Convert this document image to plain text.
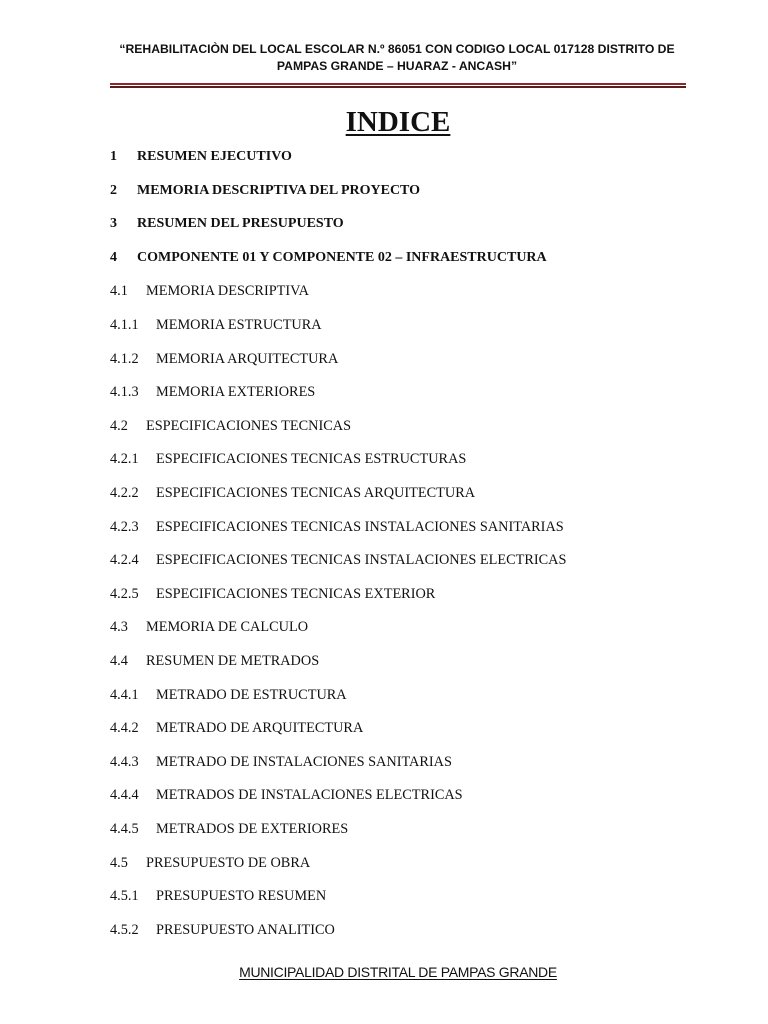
“REHABILITACIÒN DEL LOCAL ESCOLAR N.º 86051 CON CODIGO LOCAL 017128 DISTRITO DE
PAMPAS GRANDE – HUARAZ - ANCASH”
INDICE
1 RESUMEN EJECUTIVO
2 MEMORIA DESCRIPTIVA DEL PROYECTO
3 RESUMEN DEL PRESUPUESTO
4 COMPONENTE 01 Y COMPONENTE 02 – INFRAESTRUCTURA
4.1 MEMORIA DESCRIPTIVA
4.1.1 MEMORIA ESTRUCTURA
4.1.2 MEMORIA ARQUITECTURA
4.1.3 MEMORIA EXTERIORES
4.2 ESPECIFICACIONES TECNICAS
4.2.1 ESPECIFICACIONES TECNICAS ESTRUCTURAS
4.2.2 ESPECIFICACIONES TECNICAS ARQUITECTURA
4.2.3 ESPECIFICACIONES TECNICAS INSTALACIONES SANITARIAS
4.2.4 ESPECIFICACIONES TECNICAS INSTALACIONES ELECTRICAS
4.2.5 ESPECIFICACIONES TECNICAS EXTERIOR
4.3 MEMORIA DE CALCULO
4.4 RESUMEN DE METRADOS
4.4.1 METRADO DE ESTRUCTURA
4.4.2 METRADO DE ARQUITECTURA
4.4.3 METRADO DE INSTALACIONES SANITARIAS
4.4.4 METRADOS DE INSTALACIONES ELECTRICAS
4.4.5 METRADOS DE EXTERIORES
4.5 PRESUPUESTO DE OBRA
4.5.1 PRESUPUESTO RESUMEN
4.5.2 PRESUPUESTO ANALITICO
MUNICIPALIDAD DISTRITAL DE PAMPAS GRANDE
